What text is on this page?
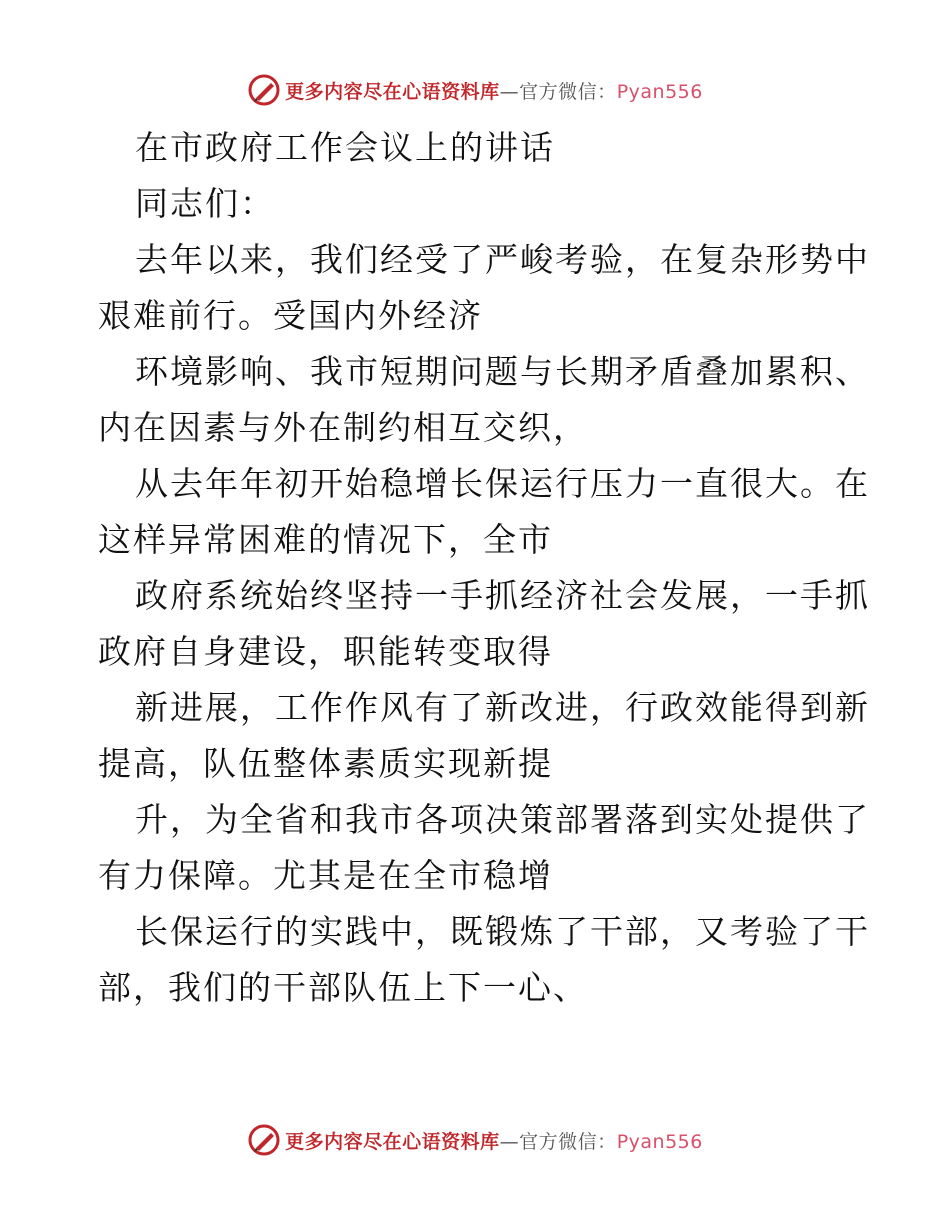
更多内容尽在心语资料库—官方微信：Pyan556

在市政府工作会议上的讲话

同志们：

去年以来，我们经受了严峻考验，在复杂形势中

艰难前行。受国内外经济

环境影响、我市短期问题与长期矛盾叠加累积、

内在因素与外在制约相互交织，

从去年年初开始稳增长保运行压力一直很大。在

这样异常困难的情况下，全市

政府系统始终坚持一手抓经济社会发展，一手抓

政府自身建设，职能转变取得

新进展，工作作风有了新改进，行政效能得到新

提高，队伍整体素质实现新提

升，为全省和我市各项决策部署落到实处提供了

有力保障。尤其是在全市稳增

长保运行的实践中，既锻炼了干部，又考验了干

部，我们的干部队伍上下一心、

更多内容尽在心语资料库—官方微信：Pyan556
